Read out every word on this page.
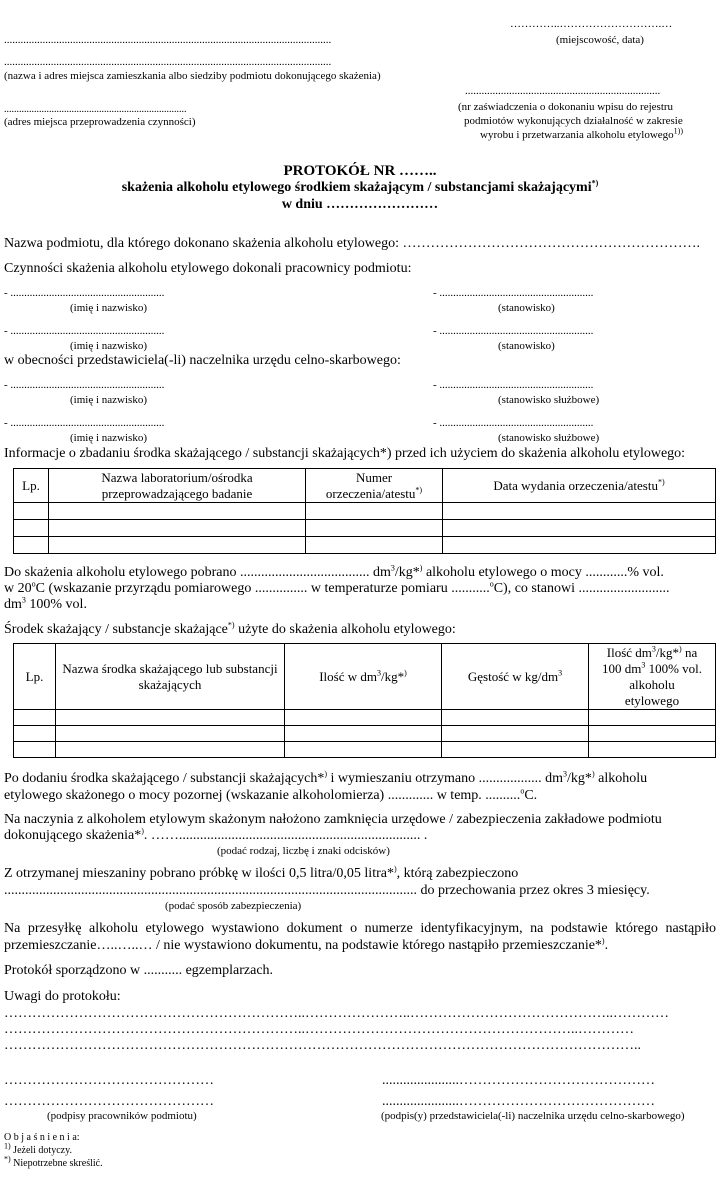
…………..……………………….…
(miejscowość, data)
.......................................................................................................................
.......................................................................................................................
(nazwa i adres miejsca zamieszkania albo siedziby podmiotu dokonującego skażenia)
.......................................................................
(nr zaświadczenia o dokonaniu wpisu do rejestru
podmiotów wykonujących działalność w zakresie
wyrobu i przetwarzania alkoholu etylowego$^{1))}$
.........................................................................
(adres miejsca przeprowadzenia czynności)
PROTOKÓŁ NR ……..
skażenia alkoholu etylowego środkiem skażającym / substancjami skażającymi*)
w dniu ……………………
Nazwa podmiotu, dla którego dokonano skażenia alkoholu etylowego: ……………………………………………………….
Czynności skażenia alkoholu etylowego dokonali pracownicy podmiotu:
- ........................................................	- ........................................................
(imię i nazwisko)	(stanowisko)
- ........................................................	- ........................................................
(imię i nazwisko)	(stanowisko)
w obecności przedstawiciela(-li) naczelnika urzędu celno-skarbowego:
- ........................................................	- ........................................................
(imię i nazwisko)	(stanowisko służbowe)
- ........................................................	- ........................................................
(imię i nazwisko)	(stanowisko służbowe)
Informacje o zbadaniu środka skażającego / substancji skażających*) przed ich użyciem do skażenia alkoholu etylowego:
Lp.	Nazwa laboratorium/ośrodka przeprowadzającego badanie	Numer orzeczenia/atestu*)	Data wydania orzeczenia/atestu*)

Do skażenia alkoholu etylowego pobrano ..................................... $dm^3/kg*^)$ alkoholu etylowego o mocy ............% vol.
w 20$^o$C (wskazanie przyrządu pomiarowego ............... w temperaturze pomiaru ...........$^o$C), co stanowi ..........................
$dm^3$ 100% vol.
Środek skażający / substancje skażające*) użyte do skażenia alkoholu etylowego:
Lp.	Nazwa środka skażającego lub substancji skażających	Ilość w $dm^3/kg*^)$	Gęstość w $kg/dm^3$	Ilość $dm^3/kg*^)$ na
100 $dm^3$ 100% vol.
alkoholu
etylowego

Po dodaniu środka skażającego / substancji skażających*) i wymieszaniu otrzymano .................. $dm^3/kg*^)$ alkoholu
etylowego skażonego o mocy pozornej (wskazanie alkoholomierza) ............. w temp. ..........$^o$C.
Na naczynia z alkoholem etylowym skażonym nałożono zamknięcia urzędowe / zabezpieczenia zakładowe podmiotu
dokonującego skażenia*). ……..................................................................... .
(podać rodzaj, liczbę i znaki odcisków)
Z otrzymanej mieszaniny pobrano próbkę w ilości 0,5 litra/0,05 litra*), którą zabezpieczono
...................................................................................................................... do przechowania przez okres 3 miesięcy.
(podać sposób zabezpieczenia)
Na przesyłkę alkoholu etylowego wystawiono dokument o numerze identyfikacyjnym, na podstawie którego nastąpiło
przemieszczanie…..…..… / nie wystawiono dokumentu, na podstawie którego nastąpiło przemieszczanie*).
Protokół sporządzono w ........... egzemplarzach.
Uwagi do protokołu:
………………………………………………………..…………………..……………………………………..…………
………………………………………………………..…………………………………………………..…………
………………………………………………………………………………………………………………………..
………………………………………	......................……………………………………
………………………………………	......................……………………………………
(podpisy pracowników podmiotu)	(podpis(y) przedstawiciela(-li) naczelnika urzędu celno-skarbowego)
O b j a ś n i e n i a:
$^{1)}$ Jeżeli dotyczy.
*) Niepotrzebne skreślić.
